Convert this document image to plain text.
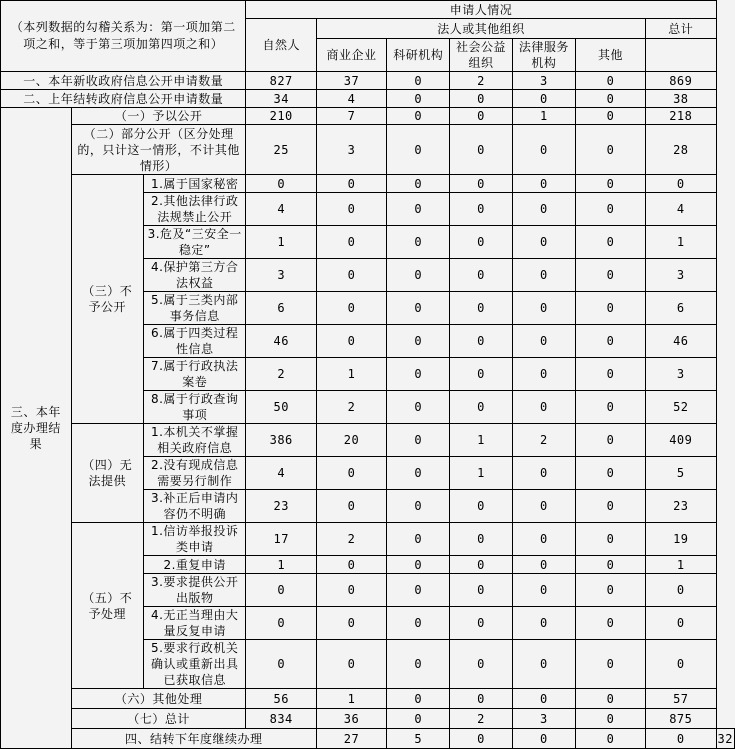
（本列数据的勾稽关系为：第一项加第二项之和，等于第三项加第四项之和）			申请人情况							
			自然人	法人或其他组织					总计	
				商业企业	科研机构	社会公益组织	法律服务机构	其他		
一、本年新收政府信息公开申请数量			827	37	0	2	3	0	869	
二、上年结转政府信息公开申请数量			34	4	0	0	0	0	38	
三、本年度办理结果	（一）予以公开		210	7	0	0	1	0	218	
	（二）部分公开（区分处理的，只计这一情形，不计其他情形）		25	3	0	0	0	0	28	
	（三）不予公开	1.属于国家秘密	0	0	0	0	0	0	0	
		2.其他法律行政法规禁止公开	4	0	0	0	0	0	4	
		3.危及“三安全一稳定”	1	0	0	0	0	0	1	
		4.保护第三方合法权益	3	0	0	0	0	0	3	
		5.属于三类内部事务信息	6	0	0	0	0	0	6	
		6.属于四类过程性信息	46	0	0	0	0	0	46	
		7.属于行政执法案卷	2	1	0	0	0	0	3	
		8.属于行政查询事项	50	2	0	0	0	0	52	
	（四）无法提供	1.本机关不掌握相关政府信息	386	20	0	1	2	0	409	
		2.没有现成信息需要另行制作	4	0	0	1	0	0	5	
		3.补正后申请内容仍不明确	23	0	0	0	0	0	23	
	（五）不予处理	1.信访举报投诉类申请	17	2	0	0	0	0	19	
		2.重复申请	1	0	0	0	0	0	1	
		3.要求提供公开出版物	0	0	0	0	0	0	0	
		4.无正当理由大量反复申请	0	0	0	0	0	0	0	
		5.要求行政机关确认或重新出具已获取信息	0	0	0	0	0	0	0	
	（六）其他处理		56	1	0	0	0	0	57	
	（七）总计		834	36	0	2	3	0	875	
	四、结转下年度继续办理			27	5	0	0	0	0	32
